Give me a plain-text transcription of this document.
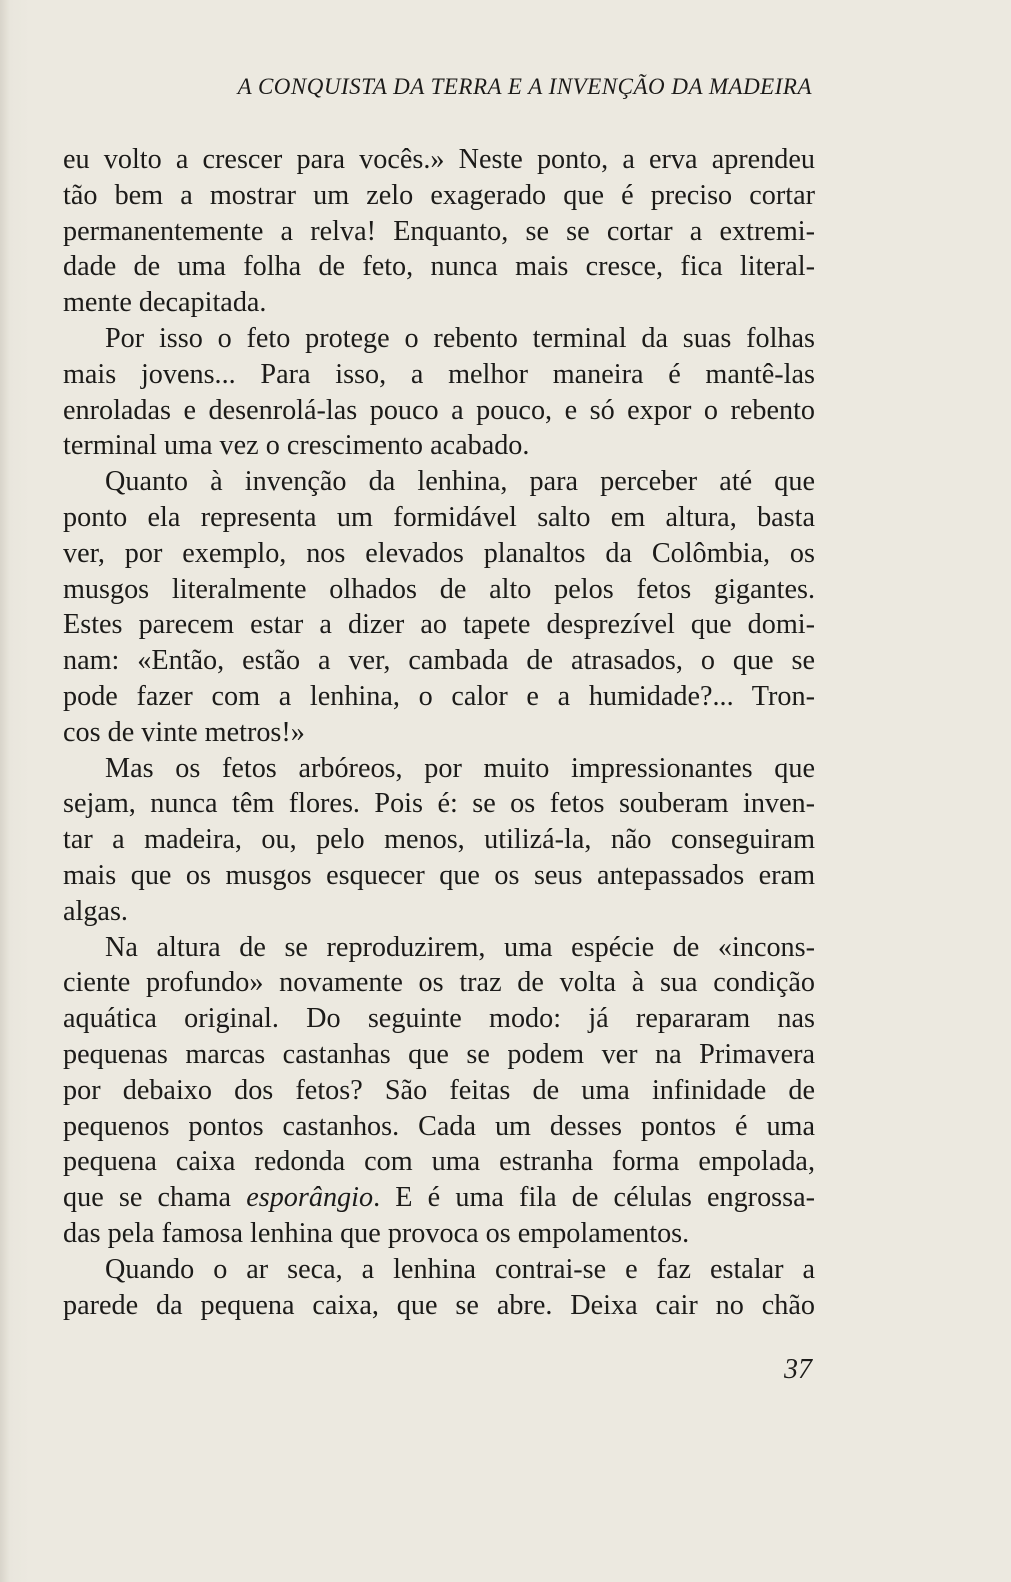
A CONQUISTA DA TERRA E A INVENÇÃO DA MADEIRA

eu volto a crescer para vocês.» Neste ponto, a erva aprendeu

tão bem a mostrar um zelo exagerado que é preciso cortar

permanentemente a relva! Enquanto, se se cortar a extremi-

dade de uma folha de feto, nunca mais cresce, fica literal-

mente decapitada.

Por isso o feto protege o rebento terminal da suas folhas

mais jovens... Para isso, a melhor maneira é mantê-las

enroladas e desenrolá-las pouco a pouco, e só expor o rebento

terminal uma vez o crescimento acabado.

Quanto à invenção da lenhina, para perceber até que

ponto ela representa um formidável salto em altura, basta

ver, por exemplo, nos elevados planaltos da Colômbia, os

musgos literalmente olhados de alto pelos fetos gigantes.

Estes parecem estar a dizer ao tapete desprezível que domi-

nam: «Então, estão a ver, cambada de atrasados, o que se

pode fazer com a lenhina, o calor e a humidade?... Tron-

cos de vinte metros!»

Mas os fetos arbóreos, por muito impressionantes que

sejam, nunca têm flores. Pois é: se os fetos souberam inven-

tar a madeira, ou, pelo menos, utilizá-la, não conseguiram

mais que os musgos esquecer que os seus antepassados eram

algas.

Na altura de se reproduzirem, uma espécie de «incons-

ciente profundo» novamente os traz de volta à sua condição

aquática original. Do seguinte modo: já repararam nas

pequenas marcas castanhas que se podem ver na Primavera

por debaixo dos fetos? São feitas de uma infinidade de

pequenos pontos castanhos. Cada um desses pontos é uma

pequena caixa redonda com uma estranha forma empolada,

que se chama esporângio. E é uma fila de células engrossa-

das pela famosa lenhina que provoca os empolamentos.

Quando o ar seca, a lenhina contrai-se e faz estalar a

parede da pequena caixa, que se abre. Deixa cair no chão

37
